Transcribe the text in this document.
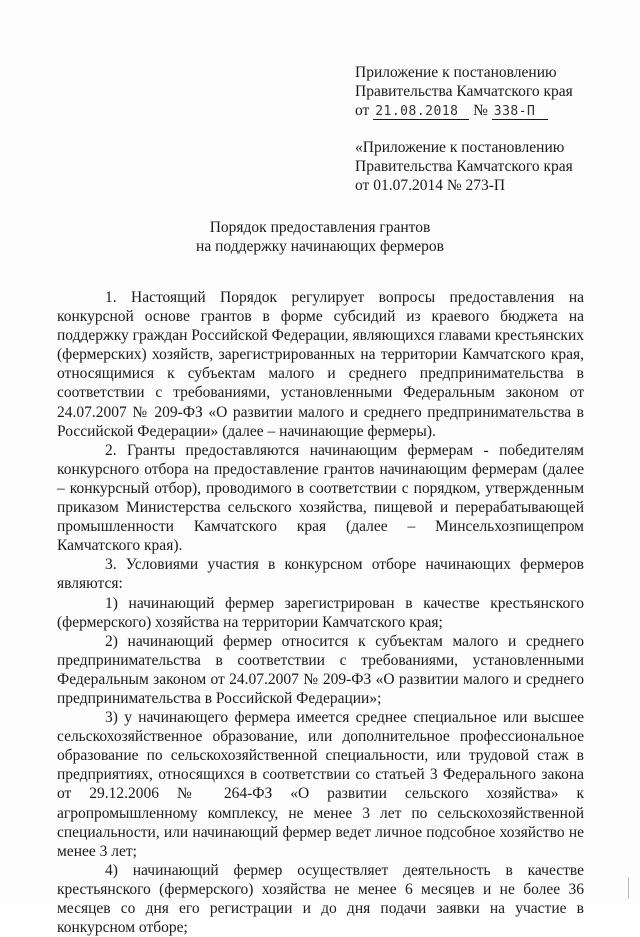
Приложение к постановлению
Правительства Камчатского края
от 21.08.2018 № 338-П
«Приложение к постановлению
Правительства Камчатского края
от 01.07.2014 № 273-П
Порядок предоставления грантов
на поддержку начинающих фермеров

1. Настоящий Порядок регулирует вопросы предоставления на конкурсной основе грантов в форме субсидий из краевого бюджета на поддержку граждан Российской Федерации, являющихся главами крестьянских (фермерских) хозяйств, зарегистрированных на территории Камчатского края, относящимися к субъектам малого и среднего предпринимательства в соответствии с требованиями, установленными Федеральным законом от 24.07.2007 № 209-ФЗ «О развитии малого и среднего предпринимательства в Российской Федерации» (далее – начинающие фермеры).

2. Гранты предоставляются начинающим фермерам - победителям конкурсного отбора на предоставление грантов начинающим фермерам (далее – конкурсный отбор), проводимого в соответствии с порядком, утвержденным приказом Министерства сельского хозяйства, пищевой и перерабатывающей промышленности Камчатского края (далее – Минсельхозпищепром Камчатского края).

3. Условиями участия в конкурсном отборе начинающих фермеров являются:

1) начинающий фермер зарегистрирован в качестве крестьянского (фермерского) хозяйства на территории Камчатского края;

2) начинающий фермер относится к субъектам малого и среднего предпринимательства в соответствии с требованиями, установленными Федеральным законом от 24.07.2007 № 209-ФЗ «О развитии малого и среднего предпринимательства в Российской Федерации»;

3) у начинающего фермера имеется среднее специальное или высшее сельскохозяйственное образование, или дополнительное профессиональное образование по сельскохозяйственной специальности, или трудовой стаж в предприятиях, относящихся в соответствии со статьей 3 Федерального закона от 29.12.2006 № 264-ФЗ «О развитии сельского хозяйства» к агропромышленному комплексу, не менее 3 лет по сельскохозяйственной специальности, или начинающий фермер ведет личное подсобное хозяйство не менее 3 лет;

4) начинающий фермер осуществляет деятельность в качестве крестьянского (фермерского) хозяйства не менее 6 месяцев и не более 36 месяцев со дня его регистрации и до дня подачи заявки на участие в конкурсном отборе;
